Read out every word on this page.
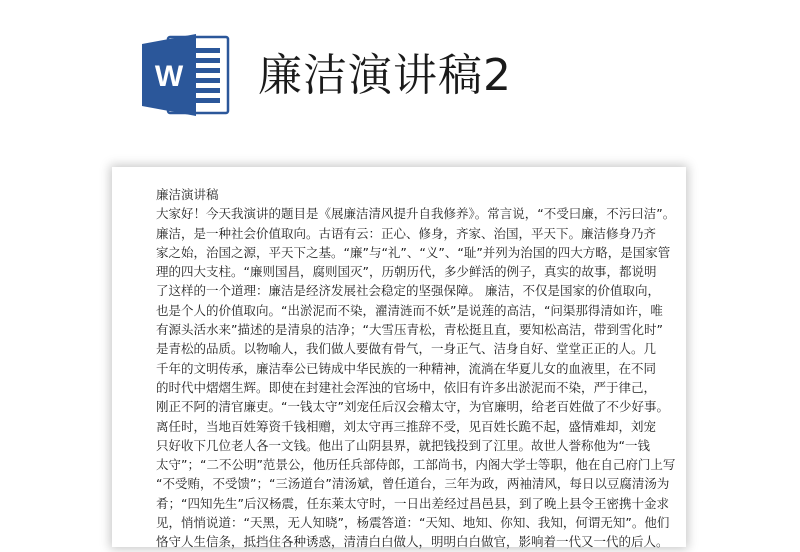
W 廉洁演讲稿2
廉洁演讲稿
大家好！今天我演讲的题目是《展廉洁清风提升自我修养》。常言说，“不受曰廉，不污曰洁”。
廉洁，是一种社会价值取向。古语有云：正心、修身，齐家、治国，平天下。廉洁修身乃齐
家之始，治国之源，平天下之基。“廉”与“礼”、“义”、“耻”并列为治国的四大方略，是国家管
理的四大支柱。“廉则国昌，腐则国灭”，历朝历代，多少鲜活的例子，真实的故事，都说明
了这样的一个道理：廉洁是经济发展社会稳定的坚强保障。 廉洁，不仅是国家的价值取向，
也是个人的价值取向。“出淤泥而不染，濯清涟而不妖”是说莲的高洁，“问渠那得清如许，唯
有源头活水来”描述的是清泉的洁净；“大雪压青松，青松挺且直，要知松高洁，带到雪化时”
是青松的品质。以物喻人，我们做人要做有骨气，一身正气、洁身自好、堂堂正正的人。几
千年的文明传承，廉洁奉公已铸成中华民族的一种精神，流淌在华夏儿女的血液里，在不同
的时代中熠熠生辉。即使在封建社会浑浊的官场中，依旧有许多出淤泥而不染，严于律己，
刚正不阿的清官廉吏。“一钱太守”刘宠任后汉会稽太守，为官廉明，给老百姓做了不少好事。
离任时，当地百姓筹资千钱相赠，刘太守再三推辞不受，见百姓长跪不起，盛情难却，刘宠
只好收下几位老人各一文钱。他出了山阴县界，就把钱投到了江里。故世人誉称他为“一钱
太守”；“二不公明”范景公，他历任兵部侍郎，工部尚书，内阁大学士等职，他在自己府门上写
“不受贿，不受馈”；“三汤道台”清汤斌，曾任道台，三年为政，两袖清风，每日以豆腐清汤为
肴；“四知先生”后汉杨震，任东莱太守时，一日出差经过昌邑县，到了晚上县令王密携十金求
见，悄悄说道：“天黑，无人知晓”，杨震答道：“天知、地知、你知、我知，何谓无知”。他们
恪守人生信条，抵挡住各种诱惑，清清白白做人，明明白白做官，影响着一代又一代的后人。
